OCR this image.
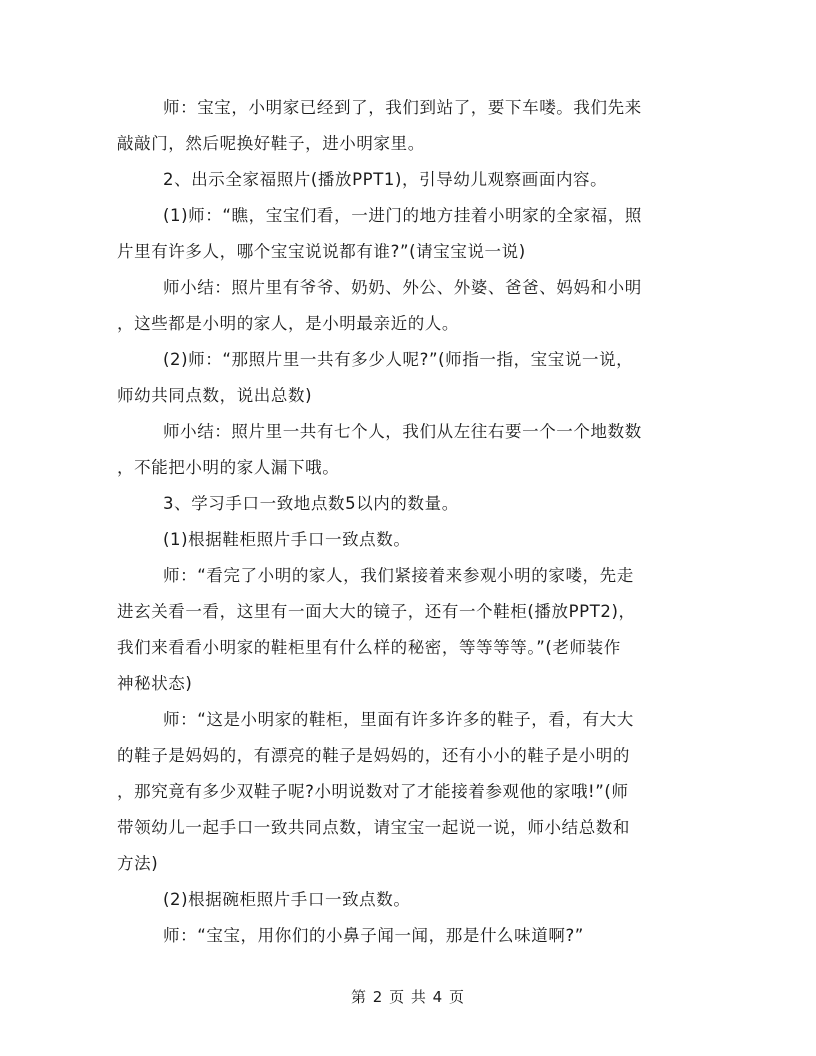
师：宝宝，小明家已经到了，我们到站了，要下车喽。我们先来
敲敲门，然后呢换好鞋子，进小明家里。
2、出示全家福照片(播放PPT1)，引导幼儿观察画面内容。
(1)师：“瞧，宝宝们看，一进门的地方挂着小明家的全家福，照
片里有许多人，哪个宝宝说说都有谁?”(请宝宝说一说)
师小结：照片里有爷爷、奶奶、外公、外婆、爸爸、妈妈和小明
，这些都是小明的家人，是小明最亲近的人。
(2)师：“那照片里一共有多少人呢?”(师指一指，宝宝说一说，
师幼共同点数，说出总数)
师小结：照片里一共有七个人，我们从左往右要一个一个地数数
，不能把小明的家人漏下哦。
3、学习手口一致地点数5以内的数量。
(1)根据鞋柜照片手口一致点数。
师：“看完了小明的家人，我们紧接着来参观小明的家喽，先走
进玄关看一看，这里有一面大大的镜子，还有一个鞋柜(播放PPT2)，
我们来看看小明家的鞋柜里有什么样的秘密，等等等等。”(老师装作
神秘状态)
师：“这是小明家的鞋柜，里面有许多许多的鞋子，看，有大大
的鞋子是妈妈的，有漂亮的鞋子是妈妈的，还有小小的鞋子是小明的
，那究竟有多少双鞋子呢?小明说数对了才能接着参观他的家哦!”(师
带领幼儿一起手口一致共同点数，请宝宝一起说一说，师小结总数和
方法)
(2)根据碗柜照片手口一致点数。
师：“宝宝，用你们的小鼻子闻一闻，那是什么味道啊?”
第 2 页 共 4 页
